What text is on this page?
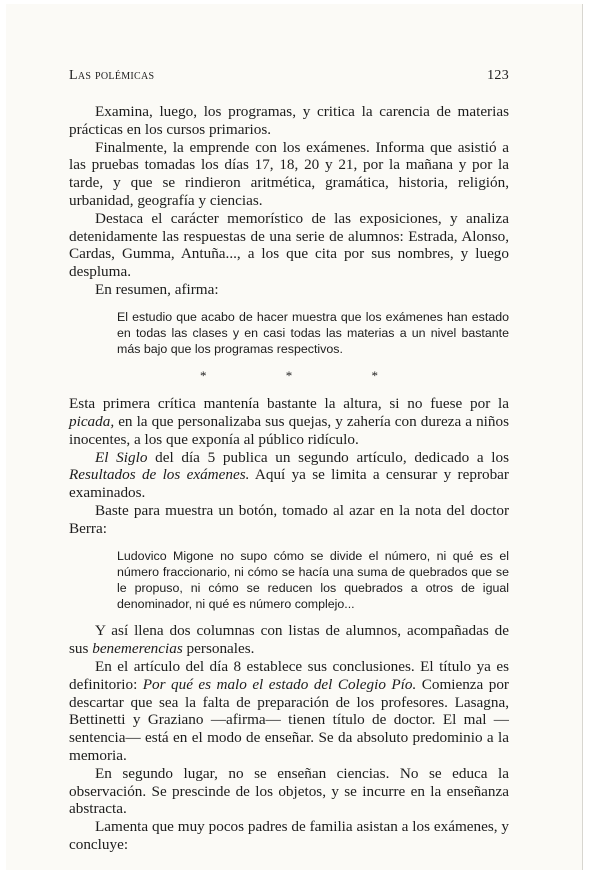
Las polémicas	123

Examina, luego, los programas, y critica la carencia de materias prácticas en los cursos primarios.

Finalmente, la emprende con los exámenes. Informa que asistió a las pruebas tomadas los días 17, 18, 20 y 21, por la mañana y por la tarde, y que se rindieron aritmética, gramática, historia, religión, urbanidad, geografía y ciencias.

Destaca el carácter memorístico de las exposiciones, y analiza detenidamente las respuestas de una serie de alumnos: Estrada, Alonso, Cardas, Gumma, Antuña..., a los que cita por sus nombres, y luego despluma.

En resumen, afirma:

El estudio que acabo de hacer muestra que los exámenes han estado en todas las clases y en casi todas las materias a un nivel bastante más bajo que los programas respectivos.

* * *

Esta primera crítica mantenía bastante la altura, si no fuese por la picada, en la que personalizaba sus quejas, y zahería con dureza a niños inocentes, a los que exponía al público ridículo.

El Siglo del día 5 publica un segundo artículo, dedicado a los Resultados de los exámenes. Aquí ya se limita a censurar y reprobar examinados.

Baste para muestra un botón, tomado al azar en la nota del doctor Berra:

Ludovico Migone no supo cómo se divide el número, ni qué es el número fraccionario, ni cómo se hacía una suma de quebrados que se le propuso, ni cómo se reducen los quebrados a otros de igual denominador, ni qué es número complejo...

Y así llena dos columnas con listas de alumnos, acompañadas de sus benemerencias personales.

En el artículo del día 8 establece sus conclusiones. El título ya es definitorio: Por qué es malo el estado del Colegio Pío. Comienza por descartar que sea la falta de preparación de los profesores. Lasagna, Bettinetti y Graziano —afirma— tienen título de doctor. El mal —sentencia— está en el modo de enseñar. Se da absoluto predominio a la memoria.

En segundo lugar, no se enseñan ciencias. No se educa la observación. Se prescinde de los objetos, y se incurre en la enseñanza abstracta.

Lamenta que muy pocos padres de familia asistan a los exámenes, y concluye:
